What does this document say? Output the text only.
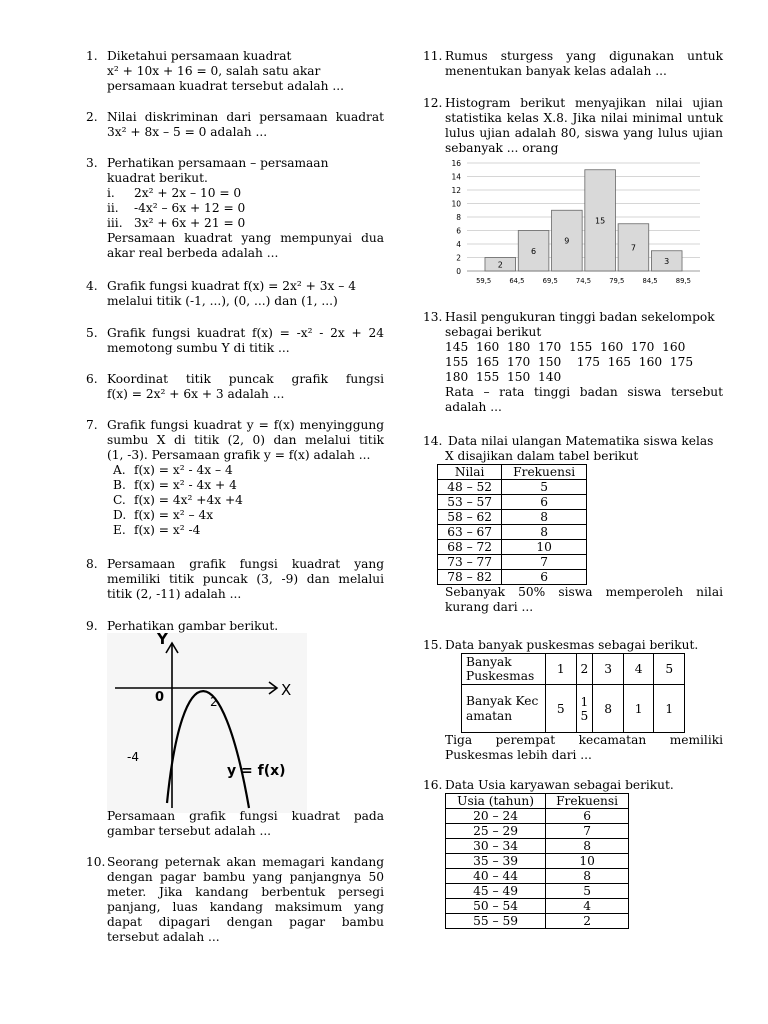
1. Diketahui persamaan kuadrat
x² + 10x + 16 = 0, salah satu akar
persamaan kuadrat tersebut adalah ...
2. Nilai diskriminan dari persamaan kuadrat
3x² + 8x – 5 = 0 adalah ...
3. Perhatikan persamaan – persamaan
kuadrat berikut.
i. 2x² + 2x – 10 = 0
ii. -4x² – 6x + 12 = 0
iii. 3x² + 6x + 21 = 0
Persamaan kuadrat yang mempunyai dua
akar real berbeda adalah ...
4. Grafik fungsi kuadrat f(x) = 2x² + 3x – 4
melalui titik (-1, ...), (0, ...) dan (1, ...)
5. Grafik fungsi kuadrat f(x) = -x² - 2x + 24
memotong sumbu Y di titik ...
6. Koordinat titik puncak grafik fungsi
f(x) = 2x² + 6x + 3 adalah ...
7. Grafik fungsi kuadrat y = f(x) menyinggung
sumbu X di titik (2, 0) dan melalui titik
(1, -3). Persamaan grafik y = f(x) adalah ...
A. f(x) = x² - 4x – 4
B. f(x) = x² - 4x + 4
C. f(x) = 4x² +4x +4
D. f(x) = x² – 4x
E. f(x) = x² -4
8. Persamaan grafik fungsi kuadrat yang
memiliki titik puncak (3, -9) dan melalui
titik (2, -11) adalah ...
9. Perhatikan gambar berikut.
Y
X
0	2
-4
y = f(x)
Persamaan grafik fungsi kuadrat pada
gambar tersebut adalah ...
10. Seorang peternak akan memagari kandang
dengan pagar bambu yang panjangnya 50
meter. Jika kandang berbentuk persegi
panjang, luas kandang maksimum yang
dapat dipagari dengan pagar bambu
tersebut adalah ...
11. Rumus sturgess yang digunakan untuk
menentukan banyak kelas adalah ...
12. Histogram berikut menyajikan nilai ujian
statistika kelas X.8. Jika nilai minimal untuk
lulus ujian adalah 80, siswa yang lulus ujian
sebanyak ... orang
0
2
4
6
8
10
12
14
16
2
6
9
15
7
3
59,5	64,5	69,5	74,5	79,5	84,5	89,5
13. Hasil pengukuran tinggi badan sekelompok
sebagai berikut
145  160  180  170  155  160  170  160
155  165  170  150    175  165  160  175
180  155  150  140
Rata – rata tinggi badan siswa tersebut
adalah ...
14. Data nilai ulangan Matematika siswa kelas
X disajikan dalam tabel berikut
Nilai	Frekuensi
48 – 52	5
53 – 57	6
58 – 62	8
63 – 67	8
68 – 72	10
73 – 77	7
78 – 82	6
Sebanyak 50% siswa memperoleh nilai
kurang dari ...
15. Data banyak puskesmas sebagai berikut.
Banyak Puskesmas	1	2	3	4	5
Banyak Kecamatan	5	15	8	1	1
Tiga perempat kecamatan memiliki
Puskesmas lebih dari ...
16. Data Usia karyawan sebagai berikut.
Usia (tahun)	Frekuensi
20 – 24	6
25 – 29	7
30 – 34	8
35 – 39	10
40 – 44	8
45 – 49	5
50 – 54	4
55 – 59	2
